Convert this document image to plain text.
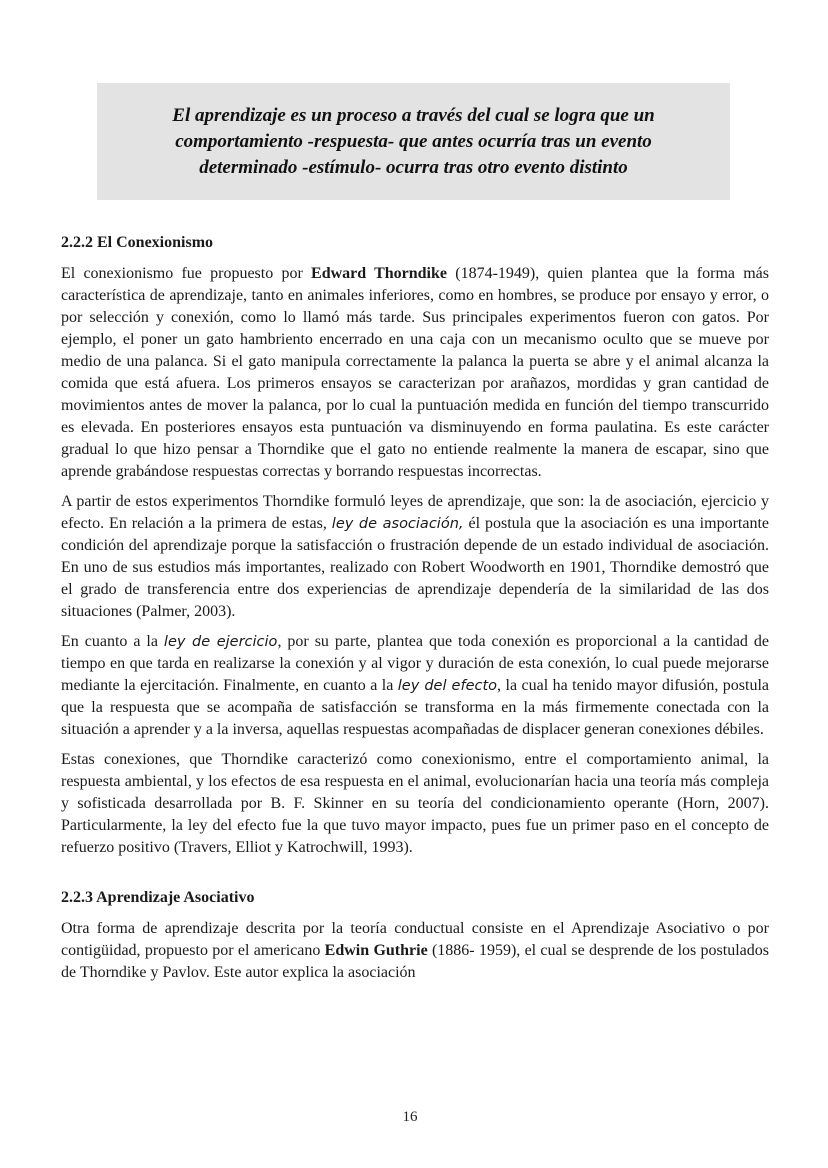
El aprendizaje es un proceso a través del cual se logra que un
comportamiento -respuesta- que antes ocurría tras un evento
determinado -estímulo- ocurra tras otro evento distinto

2.2.2 El Conexionismo

El conexionismo fue propuesto por Edward Thorndike (1874-1949), quien plantea que la forma más característica de aprendizaje, tanto en animales inferiores, como en hombres, se produce por ensayo y error, o por selección y conexión, como lo llamó más tarde. Sus principales experimentos fueron con gatos. Por ejemplo, el poner un gato hambriento encerrado en una caja con un mecanismo oculto que se mueve por medio de una palanca. Si el gato manipula correctamente la palanca la puerta se abre y el animal alcanza la comida que está afuera. Los primeros ensayos se caracterizan por arañazos, mordidas y gran cantidad de movimientos antes de mover la palanca, por lo cual la puntuación medida en función del tiempo transcurrido es elevada. En posteriores ensayos esta puntuación va disminuyendo en forma paulatina. Es este carácter gradual lo que hizo pensar a Thorndike que el gato no entiende realmente la manera de escapar, sino que aprende grabándose respuestas correctas y borrando respuestas incorrectas.

A partir de estos experimentos Thorndike formuló leyes de aprendizaje, que son: la de asociación, ejercicio y efecto. En relación a la primera de estas, ley de asociación, él postula que la asociación es una importante condición del aprendizaje porque la satisfacción o frustración depende de un estado individual de asociación. En uno de sus estudios más importantes, realizado con Robert Woodworth en 1901, Thorndike demostró que el grado de transferencia entre dos experiencias de aprendizaje dependería de la similaridad de las dos situaciones (Palmer, 2003).

En cuanto a la ley de ejercicio, por su parte, plantea que toda conexión es proporcional a la cantidad de tiempo en que tarda en realizarse la conexión y al vigor y duración de esta conexión, lo cual puede mejorarse mediante la ejercitación. Finalmente, en cuanto a la ley del efecto, la cual ha tenido mayor difusión, postula que la respuesta que se acompaña de satisfacción se transforma en la más firmemente conectada con la situación a aprender y a la inversa, aquellas respuestas acompañadas de displacer generan conexiones débiles.

Estas conexiones, que Thorndike caracterizó como conexionismo, entre el comportamiento animal, la respuesta ambiental, y los efectos de esa respuesta en el animal, evolucionarían hacia una teoría más compleja y sofisticada desarrollada por B. F. Skinner en su teoría del condicionamiento operante (Horn, 2007). Particularmente, la ley del efecto fue la que tuvo mayor impacto, pues fue un primer paso en el concepto de refuerzo positivo (Travers, Elliot y Katrochwill, 1993).

2.2.3 Aprendizaje Asociativo

Otra forma de aprendizaje descrita por la teoría conductual consiste en el Aprendizaje Asociativo o por contigüidad, propuesto por el americano Edwin Guthrie (1886- 1959), el cual se desprende de los postulados de Thorndike y Pavlov. Este autor explica la asociación

16
